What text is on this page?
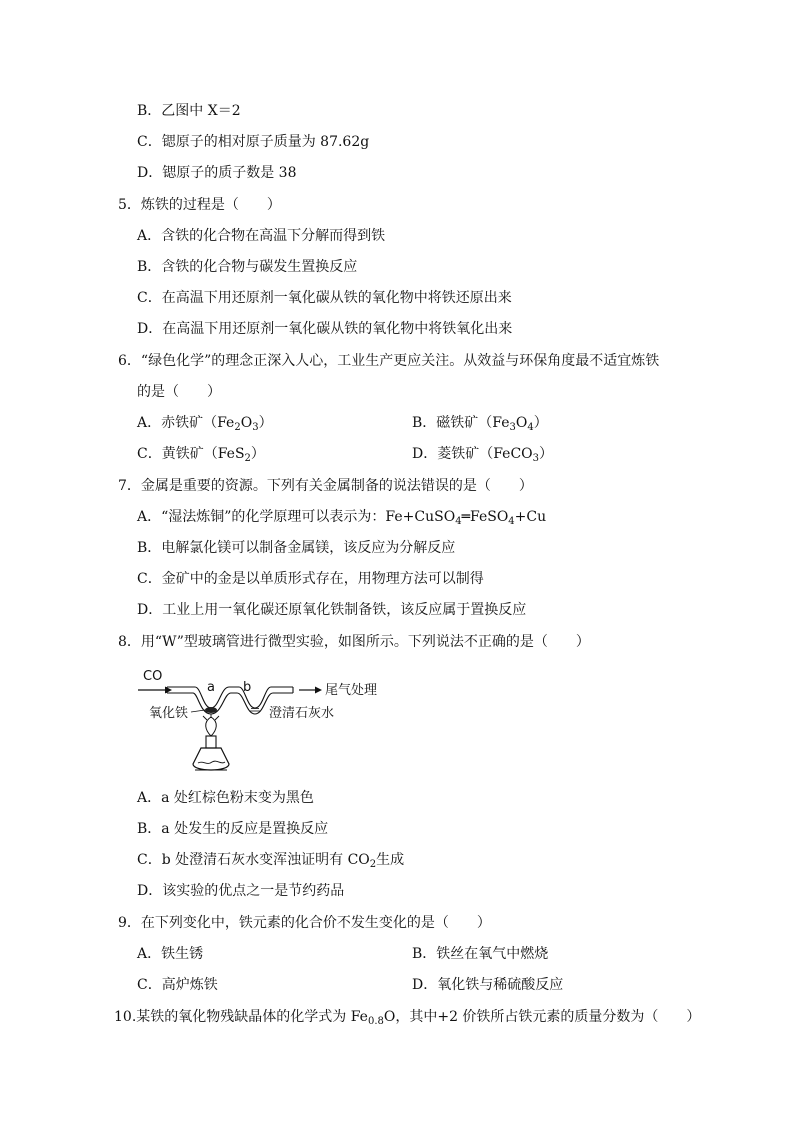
B．乙图中 X＝2
C．锶原子的相对原子质量为 87.62g
D．锶原子的质子数是 38
5．炼铁的过程是（　　）
A．含铁的化合物在高温下分解而得到铁
B．含铁的化合物与碳发生置换反应
C．在高温下用还原剂一氧化碳从铁的氧化物中将铁还原出来
D．在高温下用还原剂一氧化碳从铁的氧化物中将铁氧化出来
6．“绿色化学”的理念正深入人心，工业生产更应关注。从效益与环保角度最不适宜炼铁
的是（　　）
A．赤铁矿$(Fe_2O_3)$	B．磁铁矿$(Fe_3O_4)$
C．黄铁矿（FeS$_2$）	D．菱铁矿（FeCO$_3$）
7．金属是重要的资源。下列有关金属制备的说法错误的是（　　）
A．“湿法炼铜”的化学原理可以表示为：Fe+CuSO$_4$═FeSO$_4$+Cu
B．电解氯化镁可以制备金属镁，该反应为分解反应
C．金矿中的金是以单质形式存在，用物理方法可以制得
D．工业上用一氧化碳还原氧化铁制备铁，该反应属于置换反应
8．用“W”型玻璃管进行微型实验，如图所示。下列说法不正确的是（　　）
CO
a b	尾气处理
氧化铁	澄清石灰水
A．a 处红棕色粉末变为黑色
B．a 处发生的反应是置换反应
C．b 处澄清石灰水变浑浊证明有 $CO_2$生成
D．该实验的优点之一是节约药品
9．在下列变化中，铁元素的化合价不发生变化的是（　　）
A．铁生锈	B．铁丝在氧气中燃烧
C．高炉炼铁	D．氧化铁与稀硫酸反应
10.某铁的氧化物残缺晶体的化学式为 $Fe_{0.8}O$，其中+2 价铁所占铁元素的质量分数为（　　）
